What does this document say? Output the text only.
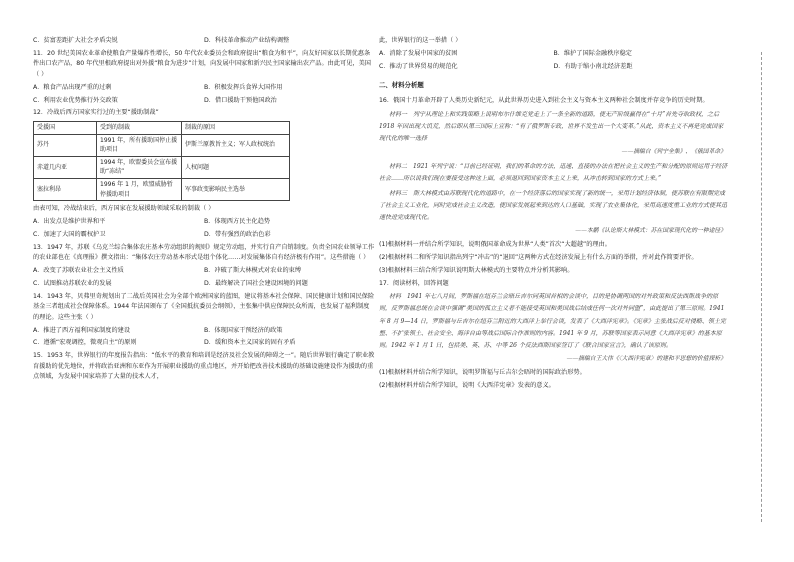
C．贫富差距扩大社会矛盾尖锐	D．科技革命推动产业结构调整
11．20 世纪美国农业革命使粮食产量爆炸性增长，50 年代农业委员会和政府提出“粮食为和平”，向友好国家以长期优惠条件出口农产品，80 年代里根政府提出对外援“粮食为进步”计划，向发展中国家和新兴民主国家输出农产品。由此可见，美国（ ）
A．粮食产品出现严重的过剩	B．积极发挥兵食界大国作用
C．利用农业优势推行外交政策	D．借口援助干预他国政治
12．冷战后西方国家实行过的主要“援助制裁”
受援国	受到的制裁	制裁的原因
苏丹	1991 年，所有援助国停止援助项目	伊斯兰原教旨主义；军人政权统治
赤道几内亚	1994 年，欧盟委员会宣布援助“冻结”	人权问题
塞拉利昂	1996 年 1 月，欧盟威胁暂停援助项目	军事政变影响民主选举
由表可知，冷战结束后，西方国家在发展援助领域采取的制裁（ ）
A．出发点是维护世界和平	B．体现西方民主化趋势
C．加速了大国的霸权护卫	D．带有强烈的政治色彩
13．1947 年，苏联《乌克兰综合集体农庄基本劳动组织的规则》规定劳动组，并实行自产自销制度。负责全国农业领导工作的农业部也在《真理报》撰文指出：“集体农庄劳动基本形式是组个体化……对发展集体自有经济极有作用”。这些措施（ ）
A．改变了苏联农业社会主义性质	B．冲破了斯大林模式对农业的束缚
C．试图推动苏联农业的发展	D．最终解决了国社会建设困境的问题
14．1943 年，贝弗里奇规划出了二战后英国社会为全部个欧洲国家的蓝图，建议将基本社会保障、国民健康计划和国民保险基金三者组成社会保障体系。1944 年法国颁布了《全国抵抗委员会纲领》，主张集中供应保障民众所需，也发展了福利制度的理论。这些主张（ ）
A．推进了西方福利国家制度的建设	B．体现国家干预经济的政策
C．遵循“宏观调控，微观自主”的原则	D．缓和资本主义国家的固有矛盾
15．1953 年，世界银行的年度报告指出：“低水平的教育和培训是经济及社会发展的障碍之一”。随后世界银行确定了职业教育援助的优先地位，并将政治亚洲和东亚作为开展职业援助的重点地区，并开始把改善技术援助的基础设施建设作为援助的重点领域，为发展中国家培养了大量的技术人才，
此，世界银行的这一举措（ ）
A．消除了发展中国家的贫困	B．维护了国际金融秩序稳定
C．推动了世界贸易的规范化	D．有助于缩小南北经济差距
二、材料分析题
16．俄国十月革命开辟了人类历史新纪元，从此世界历史进入到社会主义与资本主义两种社会制度并存竞争的历史时期。
材料一　列宁从理论上和实践策略上说明布尔什维克党走上了一条全新的道路，使无产阶级赢得在“十月”首先夺取政权，之后 1918 年因出现大饥荒，然后即从第三国际上宣称：“有了俄罗斯专政，世界不发生出一个大变革。”从此，资本主义不再是完成国家现代化的唯一选择
——摘编自《列宁全集》、《俄国革命》
材料二　1921 年列宁说：“目前已经证明，我们的革命的方法，迅速、直接的办法在把社会主义的生产和分配的原则运用于经济社会……所以说我们现在要接受这种这上面，必须退回到国家资本主义上来，从冲击转到国家的方式上来。”
材料三　斯大林模式由苏联现代化的道路中，在一个经济落后的国家实现了新的统一，采用计划经济体制，使苏联在有限期完成了社会主义工业化，同时完成社会主义改造，使国家发展起来到达的人口基础，实现了农业集体化，采用高速度重工业的方式使其迅速快进完成现代化。
——本鹏《认论斯大林模式：苏在国家现代化的一种途径》
(1)根据材料一并结合所学知识，说明俄国革命成为世界“人类”首次“大超越”的理由。
(2)根据材料二和所学知识指出列宁“冲击”的“退回”这两种方式在经济发展上有什么方面的举措，并对此作简要评价。
(3)根据材料三结合所学知识说明斯大林模式的主要特点并分析其影响。
17．阅读材料，回答问题
材料　1941 年七八月间，罗斯福在纽芬兰会晤丘吉尔同英国首相的会谈中，目的是协调两国的对外政策和反法西斯战争的原则，反罗斯福总统在会谈中强调“美国的孤立主义者不能接受英国和美国战后结成任何一次对外同盟”，由此提出了第三原则。1941 年 8 月 9—14 日，罗斯福与丘吉尔在纽芬兰附近的大西洋上举行会谈，发表了《大西洋宪章》。《宪章》主张战后反对侵略、领土完整、不扩张领土、社会安全、海洋自由等战后国际合作准则的内容。1941 年 9 月，苏联等国家表示同意《大西洋宪章》的基本原则。1942 年 1 月 1 日，包括美、英、苏、中等 26 个反法西斯国家签订了《联合国家宣言》，确认了该原则。
——摘编自王大伟《〈大西洋宪章〉的建和平思想的价值探析》
(1)根据材料并结合所学知识，说明罗斯福与丘吉尔会晤时的国际政治形势。
(2)根据材料并结合所学知识，说明《大西洋宪章》发表的意义。
